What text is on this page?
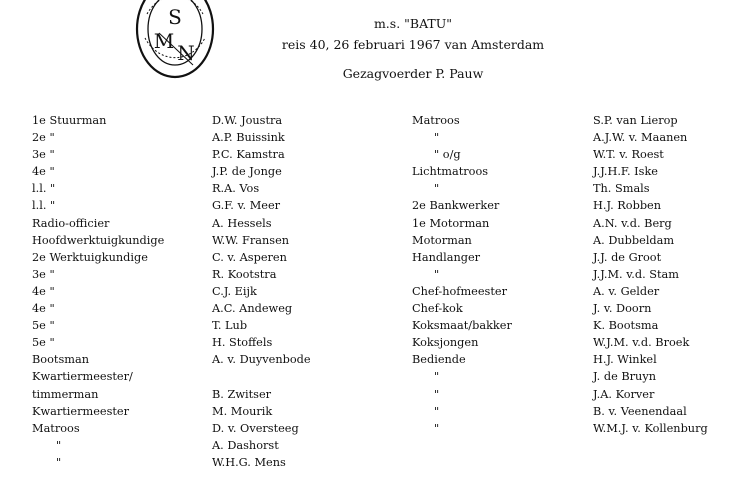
S
M N
m.s. "BATU"
reis 40, 26 februari 1967 van Amsterdam
Gezagvoerder P. Pauw
1e Stuurman
2e "
3e "
4e "
l.l. "
l.l. "
Radio-officier
Hoofdwerktuigkundige
2e Werktuigkundige
3e "
4e "
4e "
5e "
5e "
Bootsman
Kwartiermeester/
timmerman
Kwartiermeester
Matroos
"
"
D.W. Joustra
A.P. Buissink
P.C. Kamstra
J.P. de Jonge
R.A. Vos
G.F. v. Meer
A. Hessels
W.W. Fransen
C. v. Asperen
R. Kootstra
C.J. Eijk
A.C. Andeweg
T. Lub
H. Stoffels
A. v. Duyvenbode
B. Zwitser
M. Mourik
D. v. Oversteeg
A. Dashorst
W.H.G. Mens
Matroos
"
" o/g
Lichtmatroos
"
2e Bankwerker
1e Motorman
Motorman
Handlanger
"
Chef-hofmeester
Chef-kok
Koksmaat/bakker
Koksjongen
Bediende
"
"
"
"
S.P. van Lierop
A.J.W. v. Maanen
W.T. v. Roest
J.J.H.F. Iske
Th. Smals
H.J. Robben
A.N. v.d. Berg
A. Dubbeldam
J.J. de Groot
J.J.M. v.d. Stam
A. v. Gelder
J. v. Doorn
K. Bootsma
W.J.M. v.d. Broek
H.J. Winkel
J. de Bruyn
J.A. Korver
B. v. Veenendaal
W.M.J. v. Kollenburg
